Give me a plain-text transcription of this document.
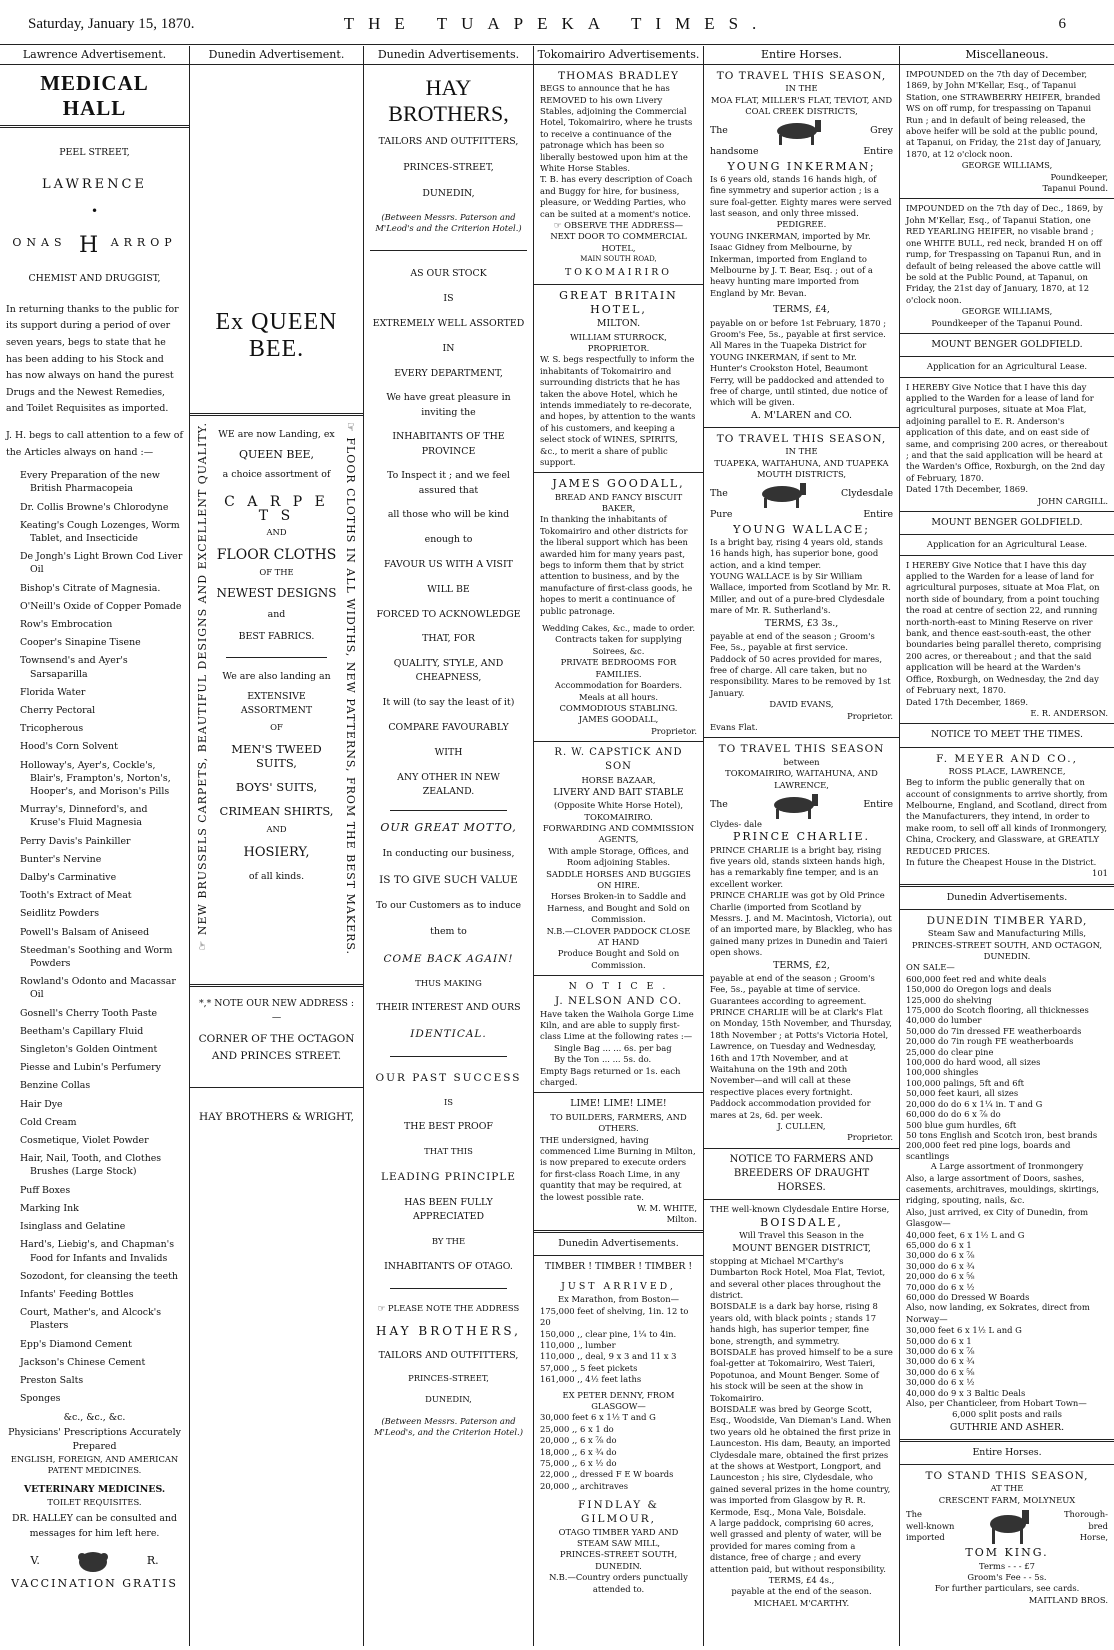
Saturday, January 15, 1870.	THE TUAPEKA TIMES.	6
Lawrence Advertisement.
MEDICAL HALL

PEEL STREET,

LAWRENCE

•

ONAS H ARROP

CHEMIST AND DRUGGIST,

In returning thanks to the public for its support during a period of over seven years, begs to state that he has been adding to his Stock and has now always on hand the purest Drugs and the Newest Remedies, and Toilet Requisites as imported.

J. H. begs to call attention to a few of the Articles always on hand :—

Every Preparation of the new British Pharmacopeia

Dr. Collis Browne's Chlorodyne

Keating's Cough Lozenges, Worm Tablet, and Insecticide

De Jongh's Light Brown Cod Liver Oil

Bishop's Citrate of Magnesia.

O'Neill's Oxide of Copper Pomade

Row's Embrocation

Cooper's Sinapine Tisene

Townsend's and Ayer's Sarsaparilla

Florida Water

Cherry Pectoral

Tricopherous

Hood's Corn Solvent

Holloway's, Ayer's, Cockle's, Blair's, Frampton's, Norton's, Hooper's, and Morison's Pills

Murray's, Dinneford's, and Kruse's Fluid Magnesia

Perry Davis's Painkiller

Bunter's Nervine

Dalby's Carminative

Tooth's Extract of Meat

Seidlitz Powders

Powell's Balsam of Aniseed

Steedman's Soothing and Worm Powders

Rowland's Odonto and Macassar Oil

Gosnell's Cherry Tooth Paste

Beetham's Capillary Fluid

Singleton's Golden Ointment

Piesse and Lubin's Perfumery

Benzine Collas

Hair Dye

Cold Cream

Cosmetique, Violet Powder

Hair, Nail, Tooth, and Clothes Brushes (Large Stock)

Puff Boxes

Marking Ink

Isinglass and Gelatine

Hard's, Liebig's, and Chapman's Food for Infants and Invalids

Sozodont, for cleansing the teeth

Infants' Feeding Bottles

Court, Mather's, and Alcock's Plasters

Epp's Diamond Cement

Jackson's Chinese Cement

Preston Salts

Sponges

&c., &c., &c.

Physicians' Prescriptions Accurately Prepared

ENGLISH, FOREIGN, AND AMERICAN PATENT MEDICINES.

VETERINARY MEDICINES.

TOILET REQUISITES.

DR. HALLEY can be consulted and messages for him left here.

V.	R.

VACCINATION GRATIS

Dunedin Advertisement.
Ex QUEEN BEE.
☞ NEW BRUSSELS CARPETS, BEAUTIFUL DESIGNS AND EXCELLENT QUALITY.	☞ FLOOR CLOTHS IN ALL WIDTHS, NEW PATTERNS, FROM THE BEST MAKERS.

WE are now Landing, ex

QUEEN BEE,

a choice assortment of

C A R P E T S

AND

FLOOR CLOTHS

OF THE

NEWEST DESIGNS

and

BEST FABRICS.

We are also landing an

EXTENSIVE ASSORTMENT

OF

MEN'S TWEED SUITS,

BOYS' SUITS,

CRIMEAN SHIRTS,

AND

HOSIERY,

of all kinds.

*,* NOTE OUR NEW ADDRESS :—

CORNER OF THE OCTAGON AND PRINCES STREET.

HAY BROTHERS & WRIGHT,

Dunedin Advertisements.
HAY BROTHERS,

TAILORS AND OUTFITTERS,

PRINCES-STREET,

DUNEDIN,

(Between Messrs. Paterson and M'Leod's and the Criterion Hotel.)

AS OUR STOCK

IS

EXTREMELY WELL ASSORTED

IN

EVERY DEPARTMENT,

We have great pleasure in inviting the

INHABITANTS OF THE PROVINCE

To Inspect it ; and we feel assured that

all those who will be kind

enough to

FAVOUR US WITH A VISIT

WILL BE

FORCED TO ACKNOWLEDGE

THAT, FOR

QUALITY, STYLE, AND CHEAPNESS,

It will (to say the least of it)

COMPARE FAVOURABLY

WITH

ANY OTHER IN NEW ZEALAND.

OUR GREAT MOTTO,

In conducting our business,

IS TO GIVE SUCH VALUE

To our Customers as to induce

them to

COME BACK AGAIN!

THUS MAKING

THEIR INTEREST AND OURS

IDENTICAL.

OUR PAST SUCCESS

IS

THE BEST PROOF

THAT THIS

LEADING PRINCIPLE

HAS BEEN FULLY APPRECIATED

BY THE

INHABITANTS OF OTAGO.

☞ PLEASE NOTE THE ADDRESS

HAY BROTHERS,

TAILORS AND OUTFITTERS,

PRINCES-STREET,

DUNEDIN,

(Between Messrs. Paterson and M'Leod's, and the Criterion Hotel.)

Tokomairiro Advertisements.

THOMAS BRADLEY

BEGS to announce that he has REMOVED to his own Livery Stables, adjoining the Commercial Hotel, Tokomairiro, where he trusts to receive a continuance of the patronage which has been so liberally bestowed upon him at the White Horse Stables.

T. B. has every description of Coach and Buggy for hire, for business, pleasure, or Wedding Parties, who can be suited at a moment's notice.

☞ OBSERVE THE ADDRESS—

NEXT DOOR TO COMMERCIAL HOTEL,

MAIN SOUTH ROAD,

TOKOMAIRIRO

GREAT BRITAIN HOTEL,

MILTON.

WILLIAM STURROCK, PROPRIETOR.

W. S. begs respectfully to inform the inhabitants of Tokomairiro and surrounding districts that he has taken the above Hotel, which he intends immediately to re-decorate, and hopes, by attention to the wants of his customers, and keeping a select stock of WINES, SPIRITS, &c., to merit a share of public support.

JAMES GOODALL,

BREAD AND FANCY BISCUIT BAKER,

In thanking the inhabitants of Tokomairiro and other districts for the liberal support which has been awarded him for many years past, begs to inform them that by strict attention to business, and by the manufacture of first-class goods, he hopes to merit a continuance of public patronage.

Wedding Cakes, &c., made to order.

Contracts taken for supplying Soirees, &c.

PRIVATE BEDROOMS FOR FAMILIES.

Accommodation for Boarders.

Meals at all hours.

COMMODIOUS STABLING.

JAMES GOODALL,

Proprietor.

R. W. CAPSTICK AND SON

HORSE BAZAAR,

LIVERY AND BAIT STABLE

(Opposite White Horse Hotel),

TOKOMAIRIRO.

FORWARDING AND COMMISSION AGENTS,

With ample Storage, Offices, and Room adjoining Stables.

SADDLE HORSES AND BUGGIES ON HIRE.

Horses Broken-in to Saddle and Harness, and Bought and Sold on Commission.

N.B.—CLOVER PADDOCK CLOSE AT HAND

Produce Bought and Sold on Commission.

N O T I C E .

J. NELSON AND CO.

Have taken the Waihola Gorge Lime Kiln, and are able to supply first-class Lime at the following rates :—

Single Bag ... ... 6s. per bag

By the Ton ... ... 5s. do.

Empty Bags returned or 1s. each charged.

LIME! LIME! LIME!

TO BUILDERS, FARMERS, AND OTHERS.

THE undersigned, having commenced Lime Burning in Milton, is now prepared to execute orders for first-class Roach Lime, in any quantity that may be required, at the lowest possible rate.

W. M. WHITE,

Milton.

Dunedin Advertisements.

TIMBER ! TIMBER ! TIMBER !

JUST ARRIVED,

Ex Marathon, from Boston—

175,000 feet of shelving, 1in. 12 to 20

150,000 ,, clear pine, 1¼ to 4in.

110,000 ,, lumber

110,000 ,, deal, 9 x 3 and 11 x 3

57,000 ,, 5 feet pickets

161,000 ,, 4½ feet laths

EX PETER DENNY, FROM GLASGOW—

30,000 feet 6 x 1½ T and G

25,000 ,, 6 x 1 do

20,000 ,, 6 x ⅞ do

18,000 ,, 6 x ¾ do

75,000 ,, 6 x ½ do

22,000 ,, dressed F E W boards

20,000 ,, architraves

FINDLAY & GILMOUR,

OTAGO TIMBER YARD AND

STEAM SAW MILL,

PRINCES-STREET SOUTH, DUNEDIN.

N.B.—Country orders punctually attended to.

Entire Horses.

TO TRAVEL THIS SEASON,

IN THE

MOA FLAT, MILLER'S FLAT, TEVIOT, AND COAL CREEK DISTRICTS,

The	Grey
handsome	Entire

YOUNG INKERMAN;

Is 6 years old, stands 16 hands high, of fine symmetry and superior action ; is a sure foal-getter. Eighty mares were served last season, and only three missed.

PEDIGREE.

YOUNG INKERMAN, imported by Mr. Isaac Gidney from Melbourne, by Inkerman, imported from England to Melbourne by J. T. Bear, Esq. ; out of a heavy hunting mare imported from England by Mr. Bevan.

TERMS, £4,

payable on or before 1st February, 1870 ; Groom's Fee, 5s., payable at first service.

All Mares in the Tuapeka District for YOUNG INKERMAN, if sent to Mr. Hunter's Crookston Hotel, Beaumont Ferry, will be paddocked and attended to free of charge, until stinted, due notice of which will be given.

A. M'LAREN and CO.

TO TRAVEL THIS SEASON,

IN THE

TUAPEKA, WAITAHUNA, AND TUAPEKA MOUTH DISTRICTS,

The	Clydesdale
Pure	Entire

YOUNG WALLACE;

Is a bright bay, rising 4 years old, stands 16 hands high, has superior bone, good action, and a kind temper.

YOUNG WALLACE is by Sir William Wallace, imported from Scotland by Mr. R. Miller, and out of a pure-bred Clydesdale mare of Mr. R. Sutherland's.

TERMS, £3 3s.,

payable at end of the season ; Groom's Fee, 5s., payable at first service.

Paddock of 50 acres provided for mares, free of charge. All care taken, but no responsibility. Mares to be removed by 1st January.

DAVID EVANS,

Proprietor.

Evans Flat.

TO TRAVEL THIS SEASON

between

TOKOMAIRIRO, WAITAHUNA, AND LAWRENCE,

The	Entire
Clydes- dale

PRINCE CHARLIE.

PRINCE CHARLIE is a bright bay, rising five years old, stands sixteen hands high, has a remarkably fine temper, and is an excellent worker.

PRINCE CHARLIE was got by Old Prince Charlie (imported from Scotland by Messrs. J. and M. Macintosh, Victoria), out of an imported mare, by Blackleg, who has gained many prizes in Dunedin and Taieri open shows.

TERMS, £2,

payable at end of the season ; Groom's Fee, 5s., payable at time of service. Guarantees according to agreement.

PRINCE CHARLIE will be at Clark's Flat on Monday, 15th November, and Thursday, 18th November ; at Potts's Victoria Hotel, Lawrence, on Tuesday and Wednesday, 16th and 17th November, and at Waitahuna on the 19th and 20th November—and will call at these respective places every fortnight.

Paddock accommodation provided for mares at 2s, 6d. per week.

J. CULLEN,

Proprietor.

NOTICE TO FARMERS AND BREEDERS OF DRAUGHT HORSES.

THE well-known Clydesdale Entire Horse,

BOISDALE,

Will Travel this Season in the

MOUNT BENGER DISTRICT,

stopping at Michael M'Carthy's Dumbarton Rock Hotel, Moa Flat, Teviot, and several other places throughout the district.

BOISDALE is a dark bay horse, rising 8 years old, with black points ; stands 17 hands high, has superior temper, fine bone, strength, and symmetry.

BOISDALE has proved himself to be a sure foal-getter at Tokomairiro, West Taieri, Popotunoa, and Mount Benger. Some of his stock will be seen at the show in Tokomairiro.

BOISDALE was bred by George Scott, Esq., Woodside, Van Dieman's Land. When two years old he obtained the first prize in Launceston. His dam, Beauty, an imported Clydesdale mare, obtained the first prizes at the shows at Westport, Longport, and Launceston ; his sire, Clydesdale, who gained several prizes in the home country, was imported from Glasgow by R. R. Kermode, Esq., Mona Vale, Boisdale.

A large paddock, comprising 60 acres, well grassed and plenty of water, will be provided for mares coming from a distance, free of charge ; and every attention paid, but without responsibility.

TERMS, £4 4s.,

payable at the end of the season.

MICHAEL M'CARTHY.

Miscellaneous.

IMPOUNDED on the 7th day of December, 1869, by John M'Kellar, Esq., of Tapanui Station, one STRAWBERRY HEIFER, branded WS on off rump, for trespassing on Tapanui Run ; and in default of being released, the above heifer will be sold at the public pound, at Tapanui, on Friday, the 21st day of January, 1870, at 12 o'clock noon.

GEORGE WILLIAMS,

Poundkeeper,

Tapanui Pound.

IMPOUNDED on the 7th day of Dec., 1869, by John M'Kellar, Esq., of Tapanui Station, one RED YEARLING HEIFER, no visable brand ; one WHITE BULL, red neck, branded H on off rump, for Trespassing on Tapanui Run, and in default of being released the above cattle will be sold at the Public Pound, at Tapanui, on Friday, the 21st day of January, 1870, at 12 o'clock noon.

GEORGE WILLIAMS,

Poundkeeper of the Tapanui Pound.

MOUNT BENGER GOLDFIELD.

Application for an Agricultural Lease.

I HEREBY Give Notice that I have this day applied to the Warden for a lease of land for agricultural purposes, situate at Moa Flat, adjoining parallel to E. R. Anderson's application of this date, and on east side of same, and comprising 200 acres, or thereabout ; and that the said application will be heard at the Warden's Office, Roxburgh, on the 2nd day of February, 1870.

Dated 17th December, 1869.

JOHN CARGILL.

MOUNT BENGER GOLDFIELD.

Application for an Agricultural Lease.

I HEREBY Give Notice that I have this day applied to the Warden for a lease of land for agricultural purposes, situate at Moa Flat, on north side of boundary, from a point touching the road at centre of section 22, and running north-north-east to Mining Reserve on river bank, and thence east-south-east, the other boundaries being parallel thereto, comprising 200 acres, or thereabout ; and that the said application will be heard at the Warden's Office, Roxburgh, on Wednesday, the 2nd day of February next, 1870.

Dated 17th December, 1869.

E. R. ANDERSON.

NOTICE TO MEET THE TIMES.

F. MEYER AND CO.,

ROSS PLACE, LAWRENCE,

Beg to inform the public generally that on account of consignments to arrive shortly, from Melbourne, England, and Scotland, direct from the Manufacturers, they intend, in order to make room, to sell off all kinds of Ironmongery, China, Crockery, and Glassware, at GREATLY REDUCED PRICES.

In future the Cheapest House in the District.

101

Dunedin Advertisements.

DUNEDIN TIMBER YARD,

Steam Saw and Manufacturing Mills,

PRINCES-STREET SOUTH, AND OCTAGON, DUNEDIN.

ON SALE—

600,000 feet red and white deals

150,000 do Oregon logs and deals

125,000 do shelving

175,000 do Scotch flooring, all thicknesses

40,000 do lumber

50,000 do 7in dressed FE weatherboards

20,000 do 7in rough FE weatherboards

25,000 do clear pine

100,000 do hard wood, all sizes

100,000 shingles

100,000 palings, 5ft and 6ft

50,000 feet kauri, all sizes

20,000 do do 6 x 1¼ in. T and G

60,000 do do 6 x ⅞ do

500 blue gum hurdles, 6ft

50 tons English and Scotch iron, best brands

200,000 feet red pine logs, boards and scantlings

A Large assortment of Ironmongery

Also, a large assortment of Doors, sashes, casements, architraves, mouldings, skirtings, ridging, spouting, nails, &c.

Also, just arrived, ex City of Dunedin, from Glasgow—

40,000 feet, 6 x 1½ L and G

65,000 do 6 x 1

30,000 do 6 x ⅞

30,000 do 6 x ¾

20,000 do 6 x ⅝

70,000 do 6 x ½

60,000 do Dressed W Boards

Also, now landing, ex Sokrates, direct from Norway—

30,000 feet 6 x 1½ L and G

50,000 do 6 x 1

30,000 do 6 x ⅞

30,000 do 6 x ¾

30,000 do 6 x ⅝

30,000 do 6 x ½

40,000 do 9 x 3 Baltic Deals

Also, per Chanticleer, from Hobart Town—

6,000 split posts and rails

GUTHRIE AND ASHER.

Entire Horses.

TO STAND THIS SEASON,

AT THE

CRESCENT FARM, MOLYNEUX

The
well-known
imported
Thorough-
bred
Horse,

TOM KING.

Terms - - - £7

Groom's Fee - - 5s.

For further particulars, see cards.

MAITLAND BROS.
